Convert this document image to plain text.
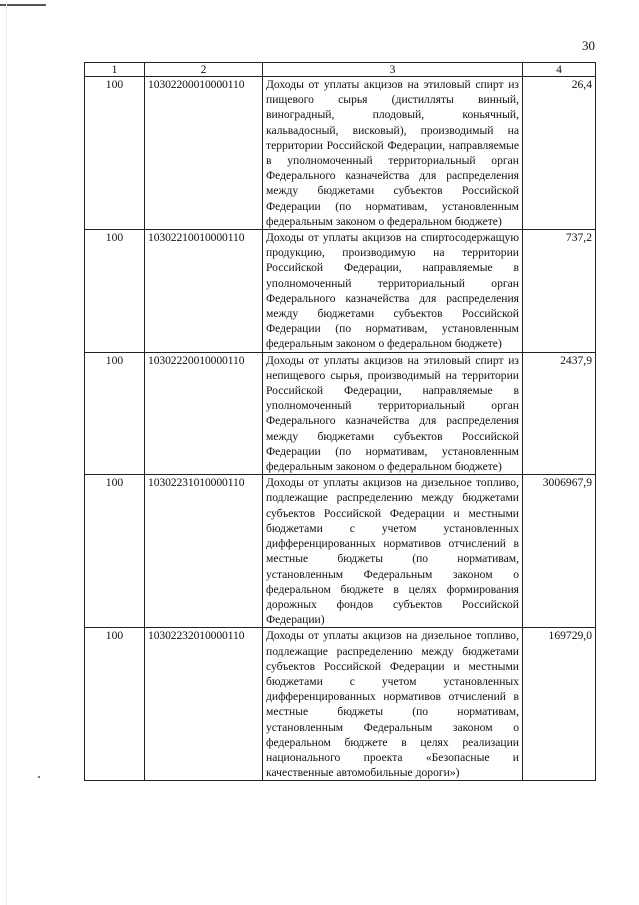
30
1	2	3	4
100	10302200010000110	Доходы от уплаты акцизов на этиловый спирт из пищевого сырья (дистилляты винный, виноградный, плодовый, коньячный, кальвадосный, висковый), производимый на территории Российской Федерации, направляемые в уполномоченный территориальный орган Федерального казначейства для распределения между бюджетами субъектов Российской Федерации (по нормативам, установленным федеральным законом о федеральном бюджете)	26,4
100	10302210010000110	Доходы от уплаты акцизов на спиртосодержащую продукцию, производимую на территории Российской Федерации, направляемые в уполномоченный территориальный орган Федерального казначейства для распределения между бюджетами субъектов Российской Федерации (по нормативам, установленным федеральным законом о федеральном бюджете)	737,2
100	10302220010000110	Доходы от уплаты акцизов на этиловый спирт из непищевого сырья, производимый на территории Российской Федерации, направляемые в уполномоченный территориальный орган Федерального казначейства для распределения между бюджетами субъектов Российской Федерации (по нормативам, установленным федеральным законом о федеральном бюджете)	2437,9
100	10302231010000110	Доходы от уплаты акцизов на дизельное топливо, подлежащие распределению между бюджетами субъектов Российской Федерации и местными бюджетами с учетом установленных дифференцированных нормативов отчислений в местные бюджеты (по нормативам, установленным Федеральным законом о федеральном бюджете в целях формирования дорожных фондов субъектов Российской Федерации)	3006967,9
100	10302232010000110	Доходы от уплаты акцизов на дизельное топливо, подлежащие распределению между бюджетами субъектов Российской Федерации и местными бюджетами с учетом установленных дифференцированных нормативов отчислений в местные бюджеты (по нормативам, установленным Федеральным законом о федеральном бюджете в целях реализации национального проекта «Безопасные и качественные автомобильные дороги»)	169729,0
